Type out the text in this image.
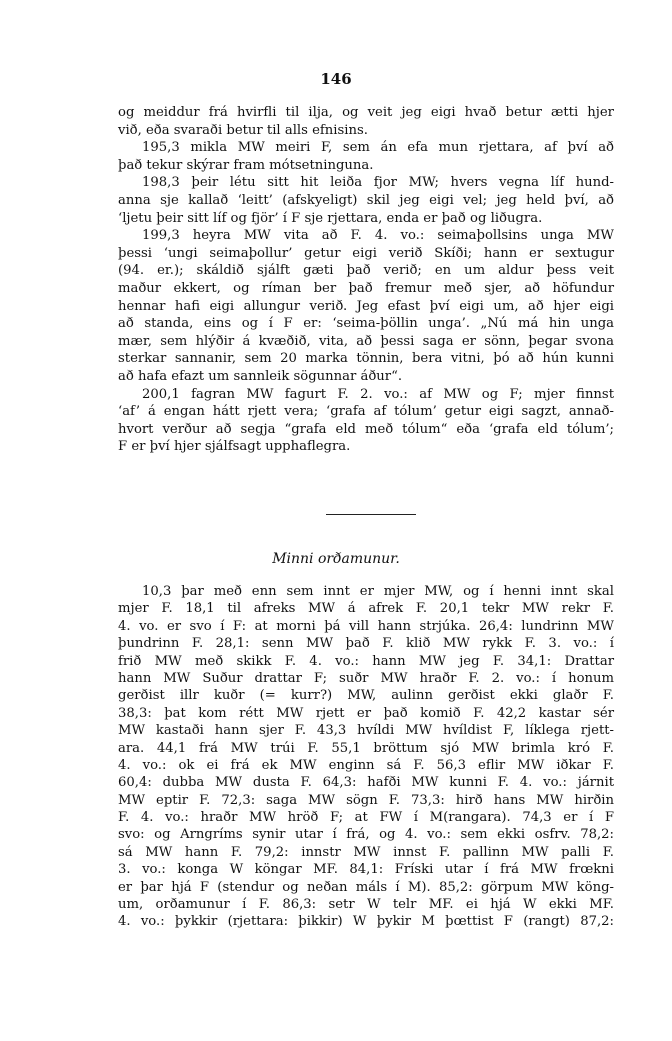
146
og meiddur frá hvirfli til ilja, og veit jeg eigi hvað betur ætti hjer
við, eða svaraði betur til alls efnisins.
195,3 mikla MW meiri F, sem án efa mun rjettara, af því að
það tekur skýrar fram mótsetninguna.
198,3 þeir létu sitt hit leiða fjor MW; hvers vegna líf hund-
anna sje kallað ‘leitt’ (afskyeligt) skil jeg eigi vel; jeg held því, að
‘ljetu þeir sitt líf og fjör’ í F sje rjettara, enda er það og liðugra.
199,3 heyra MW vita að F. 4. vo.: seimaþollsins unga MW
þessi ‘ungi seimaþollur’ getur eigi verið Skíði; hann er sextugur
(94. er.); skáldið sjálft gæti það verið; en um aldur þess veit
maður ekkert, og ríman ber það fremur með sjer, að höfundur
hennar hafi eigi allungur verið. Jeg efast því eigi um, að hjer eigi
að standa, eins og í F er: ‘seima-þöllin unga’. „Nú má hin unga
mær, sem hlýðir á kvæðið, vita, að þessi saga er sönn, þegar svona
sterkar sannanir, sem 20 marka tönnin, bera vitni, þó að hún kunni
að hafa efazt um sannleik sögunnar áður“.
200,1 fagran MW fagurt F. 2. vo.: af MW og F; mjer finnst
‘af’ á engan hátt rjett vera; ‘grafa af tólum’ getur eigi sagzt, annað-
hvort verður að segja “grafa eld með tólum“ eða ‘grafa eld tólum’;
F er því hjer sjálfsagt upphaflegra.
Minni orðamunur.
10,3 þar með enn sem innt er mjer MW, og í henni innt skal
mjer F. 18,1 til afreks MW á afrek F. 20,1 tekr MW rekr F.
4. vo. er svo í F: at morni þá vill hann strjúka. 26,4: lundrinn MW
þundrinn F. 28,1: senn MW það F. klið MW rykk F. 3. vo.: í
frið MW með skikk F. 4. vo.: hann MW jeg F. 34,1: Drattar
hann MW Suður drattar F; suðr MW hraðr F. 2. vo.: í honum
gerðist illr kuðr (= kurr?) MW, aulinn gerðist ekki glaðr F.
38,3: þat kom rétt MW rjett er það komið F. 42,2 kastar sér
MW kastaði hann sjer F. 43,3 hvíldi MW hvíldist F, líklega rjett-
ara. 44,1 frá MW trúi F. 55,1 bröttum sjó MW brimla kró F.
4. vo.: ok ei frá ek MW enginn sá F. 56,3 eflir MW iðkar F.
60,4: dubba MW dusta F. 64,3: hafði MW kunni F. 4. vo.: járnit
MW eptir F. 72,3: saga MW sögn F. 73,3: hirð hans MW hirðin
F. 4. vo.: hraðr MW hröð F; at FW í M(rangara). 74,3 er í F
svo: og Arngríms synir utar í frá, og 4. vo.: sem ekki osfrv. 78,2:
sá MW hann F. 79,2: innstr MW innst F. pallinn MW palli F.
3. vo.: konga W köngar MF. 84,1: Fríski utar í frá MW frœkni
er þar hjá F (stendur og neðan máls í M). 85,2: görpum MW köng-
um, orðamunur í F. 86,3: setr W telr MF. ei hjá W ekki MF.
4. vo.: þykkir (rjettara: þikkir) W þykir M þœttist F (rangt) 87,2:
